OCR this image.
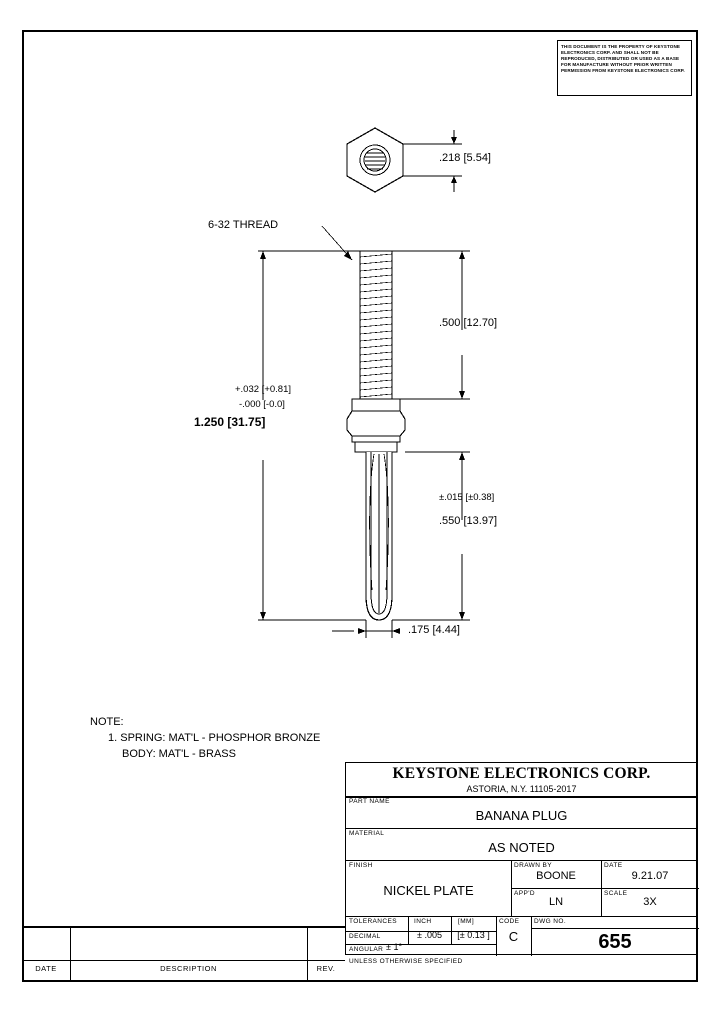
THIS DOCUMENT IS THE PROPERTY OF KEYSTONE ELECTRONICS CORP. AND SHALL NOT BE REPRODUCED, DISTRIBUTED OR USED AS A BASE FOR MANUFACTURE WITHOUT PRIOR WRITTEN PERMISSION FROM KEYSTONE ELECTRONICS CORP.
.218 [5.54]
6-32 THREAD
.500 [12.70]
+.032 [+0.81]
-.000 [-0.0]
1.250 [31.75]
±.015 [±0.38]
.550 [13.97]
.175 [4.44]
NOTE:
1. SPRING: MAT'L - PHOSPHOR BRONZE
BODY: MAT'L - BRASS
KEYSTONE ELECTRONICS CORP.
ASTORIA, N.Y. 11105-2017
PART NAME
BANANA PLUG
MATERIAL
AS NOTED
FINISH
NICKEL PLATE
DRAWN BY
BOONE
DATE
9.21.07
APP'D
LN
SCALE
3X
TOLERANCES	INCH	[MM]
DECIMAL	± .005	[± 0.13 ]
ANGULAR ± 1°
UNLESS OTHERWISE SPECIFIED
CODE
C
DWG NO.
655
DATE	DESCRIPTION	REV.
